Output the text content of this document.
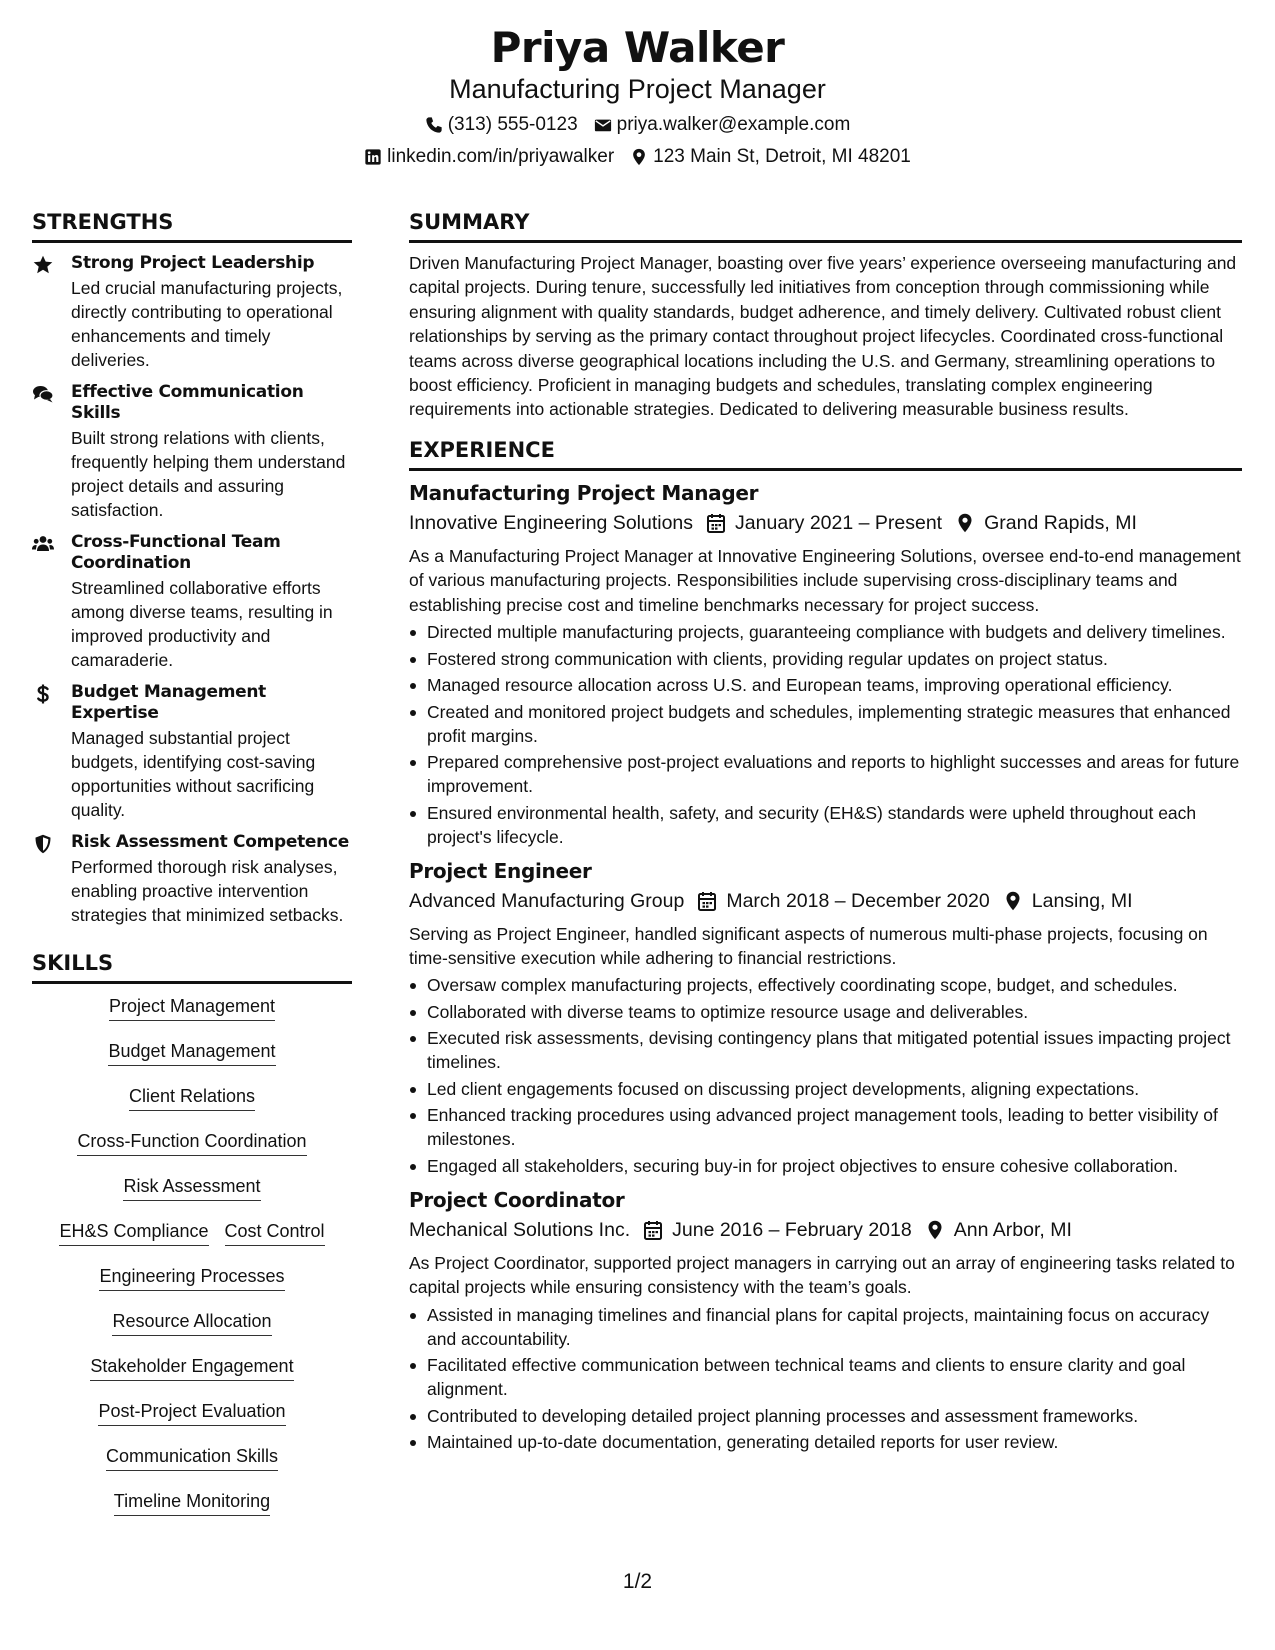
Priya Walker
Manufacturing Project Manager
(313) 555-0123 priya.walker@example.com
linkedin.com/in/priyawalker 123 Main St, Detroit, MI 48201
STRENGTHS
Strong Project Leadership
Led crucial manufacturing projects, directly contributing to operational enhancements and timely deliveries.
Effective Communication Skills
Built strong relations with clients, frequently helping them understand project details and assuring satisfaction.
Cross-Functional Team Coordination
Streamlined collaborative efforts among diverse teams, resulting in improved productivity and camaraderie.
Budget Management Expertise
Managed substantial project budgets, identifying cost-saving opportunities without sacrificing quality.
Risk Assessment Competence
Performed thorough risk analyses, enabling proactive intervention strategies that minimized setbacks.
SKILLS
Project Management
Budget Management
Client Relations
Cross-Function Coordination
Risk Assessment
EH&S Compliance Cost Control
Engineering Processes
Resource Allocation
Stakeholder Engagement
Post-Project Evaluation
Communication Skills
Timeline Monitoring
SUMMARY
Driven Manufacturing Project Manager, boasting over five years’ experience overseeing manufacturing and capital projects. During tenure, successfully led initiatives from conception through commissioning while ensuring alignment with quality standards, budget adherence, and timely delivery. Cultivated robust client relationships by serving as the primary contact throughout project lifecycles. Coordinated cross-functional teams across diverse geographical locations including the U.S. and Germany, streamlining operations to boost efficiency. Proficient in managing budgets and schedules, translating complex engineering requirements into actionable strategies. Dedicated to delivering measurable business results.
EXPERIENCE
Manufacturing Project Manager
Innovative Engineering Solutions January 2021 – Present Grand Rapids, MI
As a Manufacturing Project Manager at Innovative Engineering Solutions, oversee end-to-end management of various manufacturing projects. Responsibilities include supervising cross-disciplinary teams and establishing precise cost and timeline benchmarks necessary for project success.
Directed multiple manufacturing projects, guaranteeing compliance with budgets and delivery timelines.
Fostered strong communication with clients, providing regular updates on project status.
Managed resource allocation across U.S. and European teams, improving operational efficiency.
Created and monitored project budgets and schedules, implementing strategic measures that enhanced profit margins.
Prepared comprehensive post-project evaluations and reports to highlight successes and areas for future improvement.
Ensured environmental health, safety, and security (EH&S) standards were upheld throughout each project's lifecycle.
Project Engineer
Advanced Manufacturing Group March 2018 – December 2020 Lansing, MI
Serving as Project Engineer, handled significant aspects of numerous multi-phase projects, focusing on time-sensitive execution while adhering to financial restrictions.
Oversaw complex manufacturing projects, effectively coordinating scope, budget, and schedules.
Collaborated with diverse teams to optimize resource usage and deliverables.
Executed risk assessments, devising contingency plans that mitigated potential issues impacting project timelines.
Led client engagements focused on discussing project developments, aligning expectations.
Enhanced tracking procedures using advanced project management tools, leading to better visibility of milestones.
Engaged all stakeholders, securing buy-in for project objectives to ensure cohesive collaboration.
Project Coordinator
Mechanical Solutions Inc. June 2016 – February 2018 Ann Arbor, MI
As Project Coordinator, supported project managers in carrying out an array of engineering tasks related to capital projects while ensuring consistency with the team’s goals.
Assisted in managing timelines and financial plans for capital projects, maintaining focus on accuracy and accountability.
Facilitated effective communication between technical teams and clients to ensure clarity and goal alignment.
Contributed to developing detailed project planning processes and assessment frameworks.
Maintained up-to-date documentation, generating detailed reports for user review.
1/2
